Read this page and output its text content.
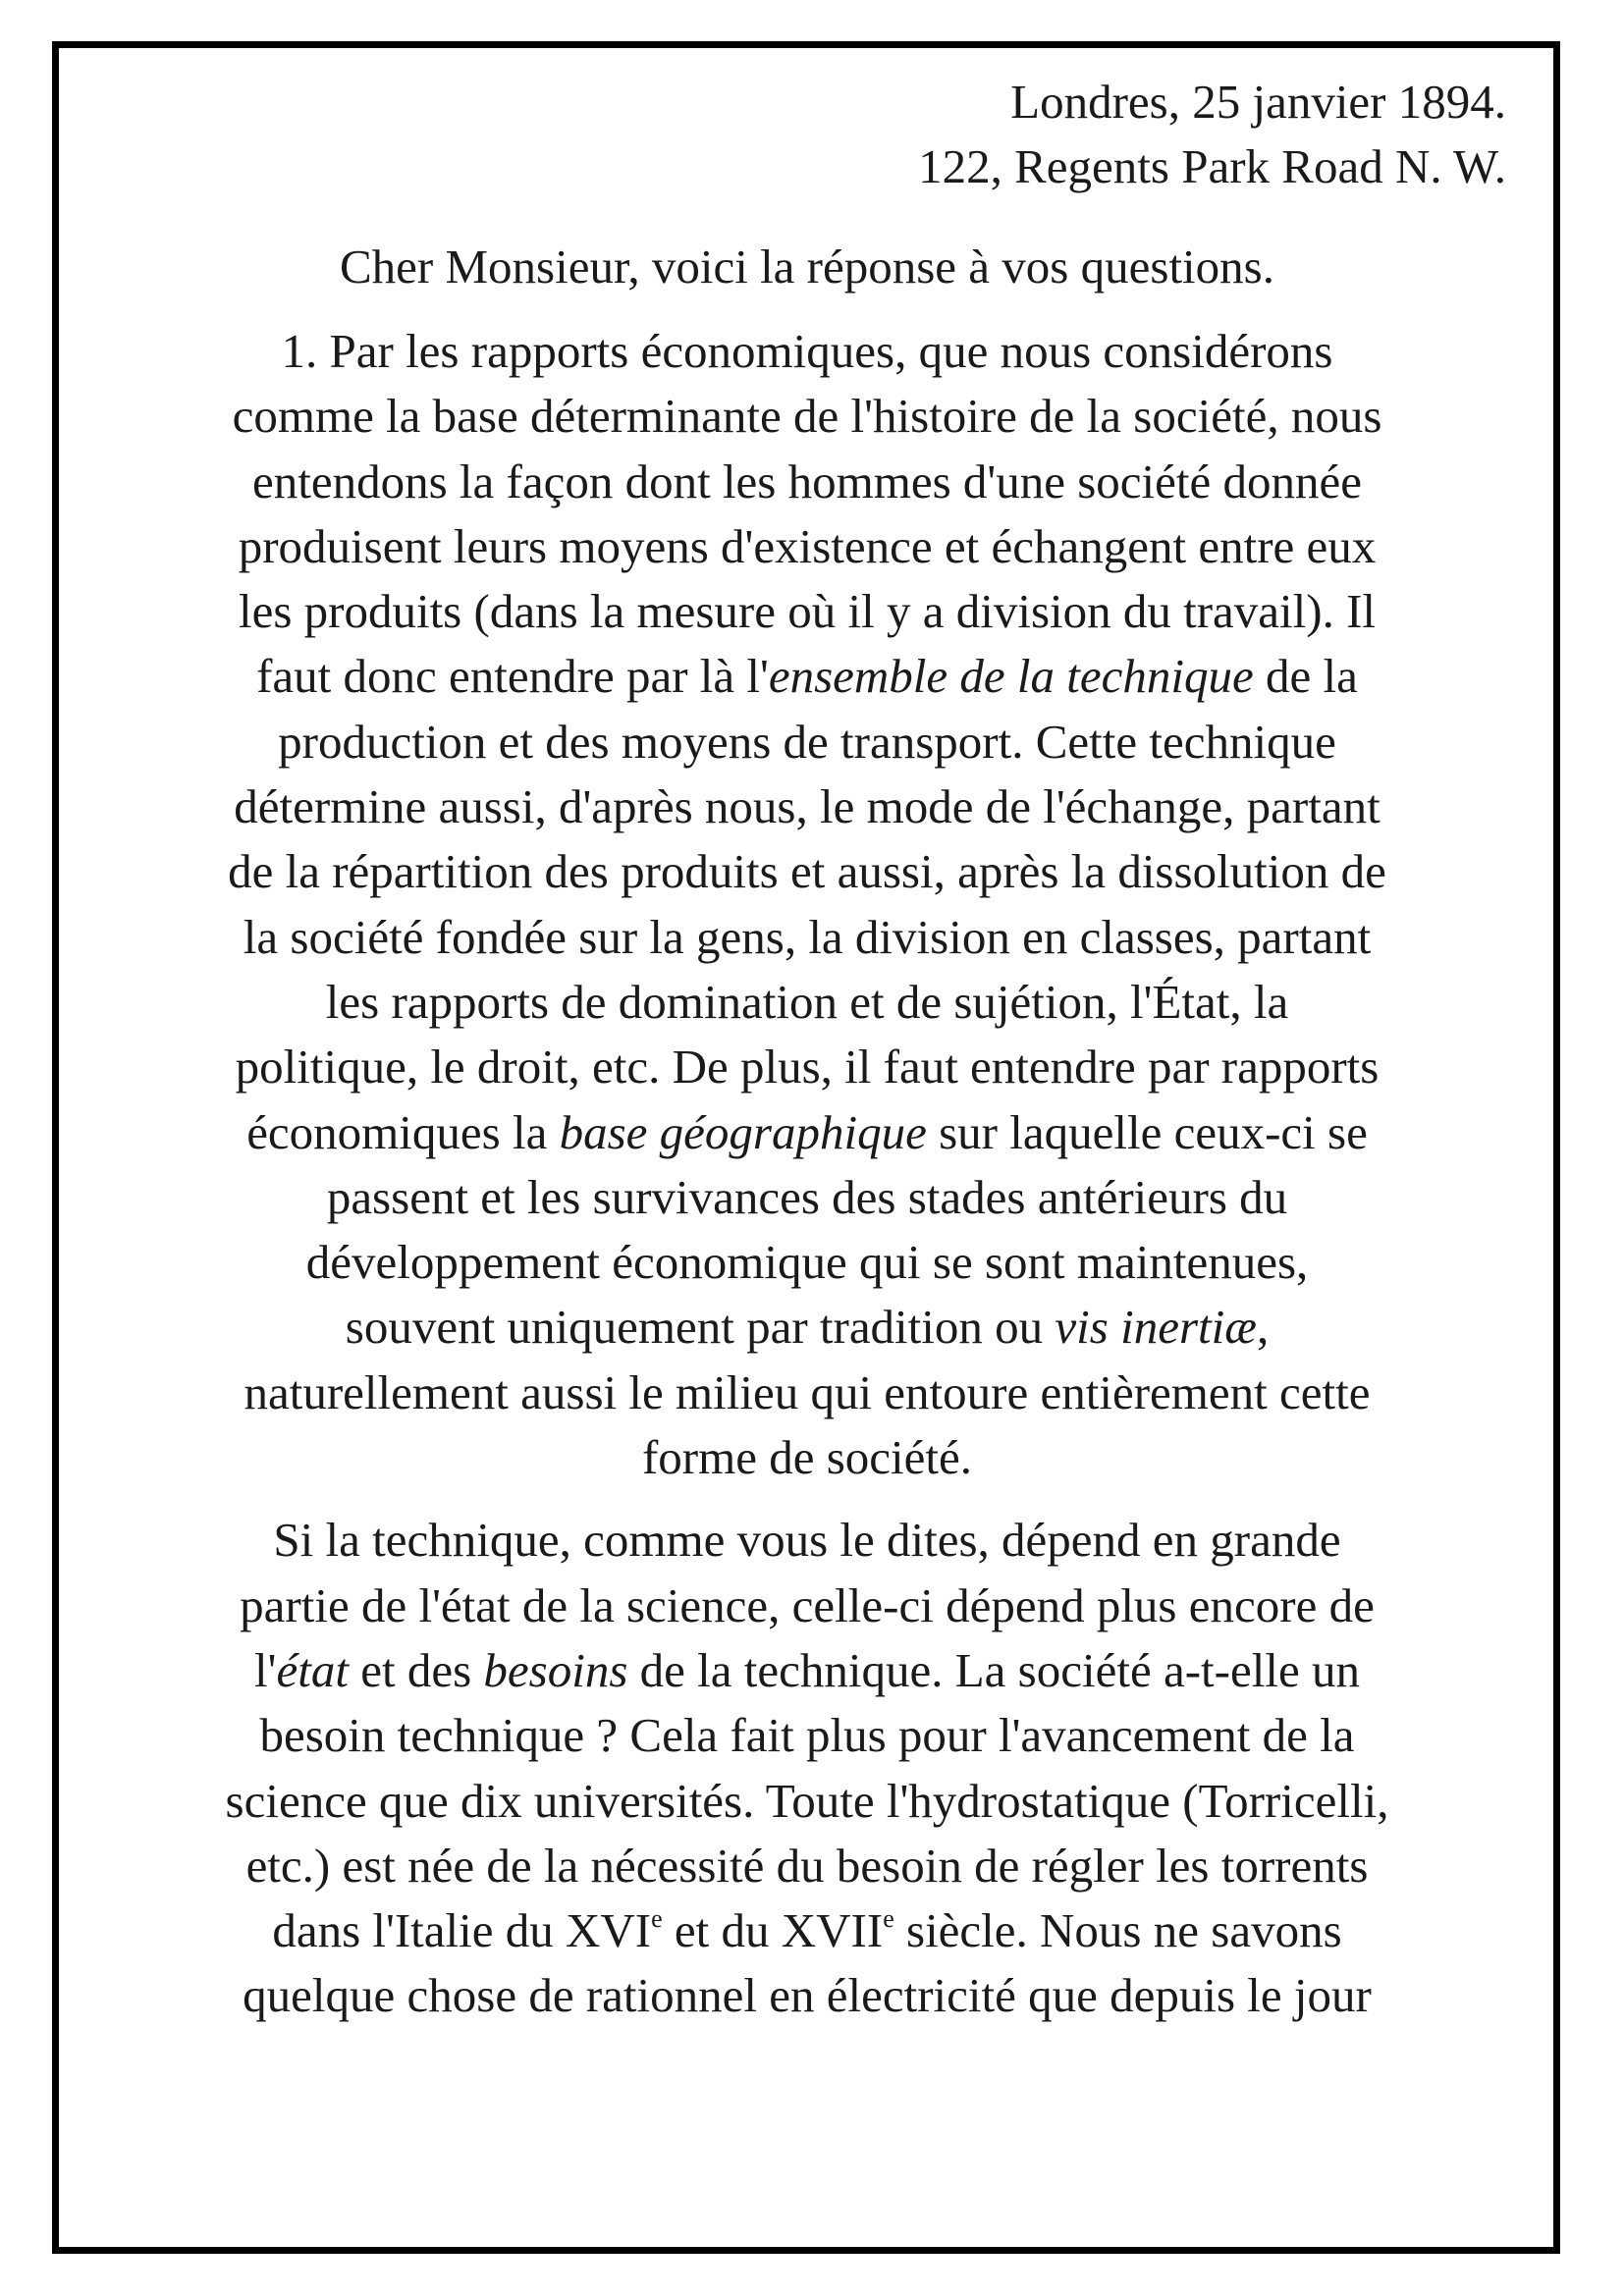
Londres, 25 janvier 1894.
122, Regents Park Road N. W.
Cher Monsieur, voici la réponse à vos questions.

1. Par les rapports économiques, que nous considérons
comme la base déterminante de l'histoire de la société, nous
entendons la façon dont les hommes d'une société donnée
produisent leurs moyens d'existence et échangent entre eux
les produits (dans la mesure où il y a division du travail). Il
faut donc entendre par là l'ensemble de la technique de la
production et des moyens de transport. Cette technique
détermine aussi, d'après nous, le mode de l'échange, partant
de la répartition des produits et aussi, après la dissolution de
la société fondée sur la gens, la division en classes, partant
les rapports de domination et de sujétion, l'État, la
politique, le droit, etc. De plus, il faut entendre par rapports
économiques la base géographique sur laquelle ceux-ci se
passent et les survivances des stades antérieurs du
développement économique qui se sont maintenues,
souvent uniquement par tradition ou vis inertiæ,
naturellement aussi le milieu qui entoure entièrement cette
forme de société.

Si la technique, comme vous le dites, dépend en grande
partie de l'état de la science, celle-ci dépend plus encore de
l'état et des besoins de la technique. La société a-t-elle un
besoin technique ? Cela fait plus pour l'avancement de la
science que dix universités. Toute l'hydrostatique (Torricelli,
etc.) est née de la nécessité du besoin de régler les torrents
dans l'Italie du XVIe et du XVIIe siècle. Nous ne savons
quelque chose de rationnel en électricité que depuis le jour
